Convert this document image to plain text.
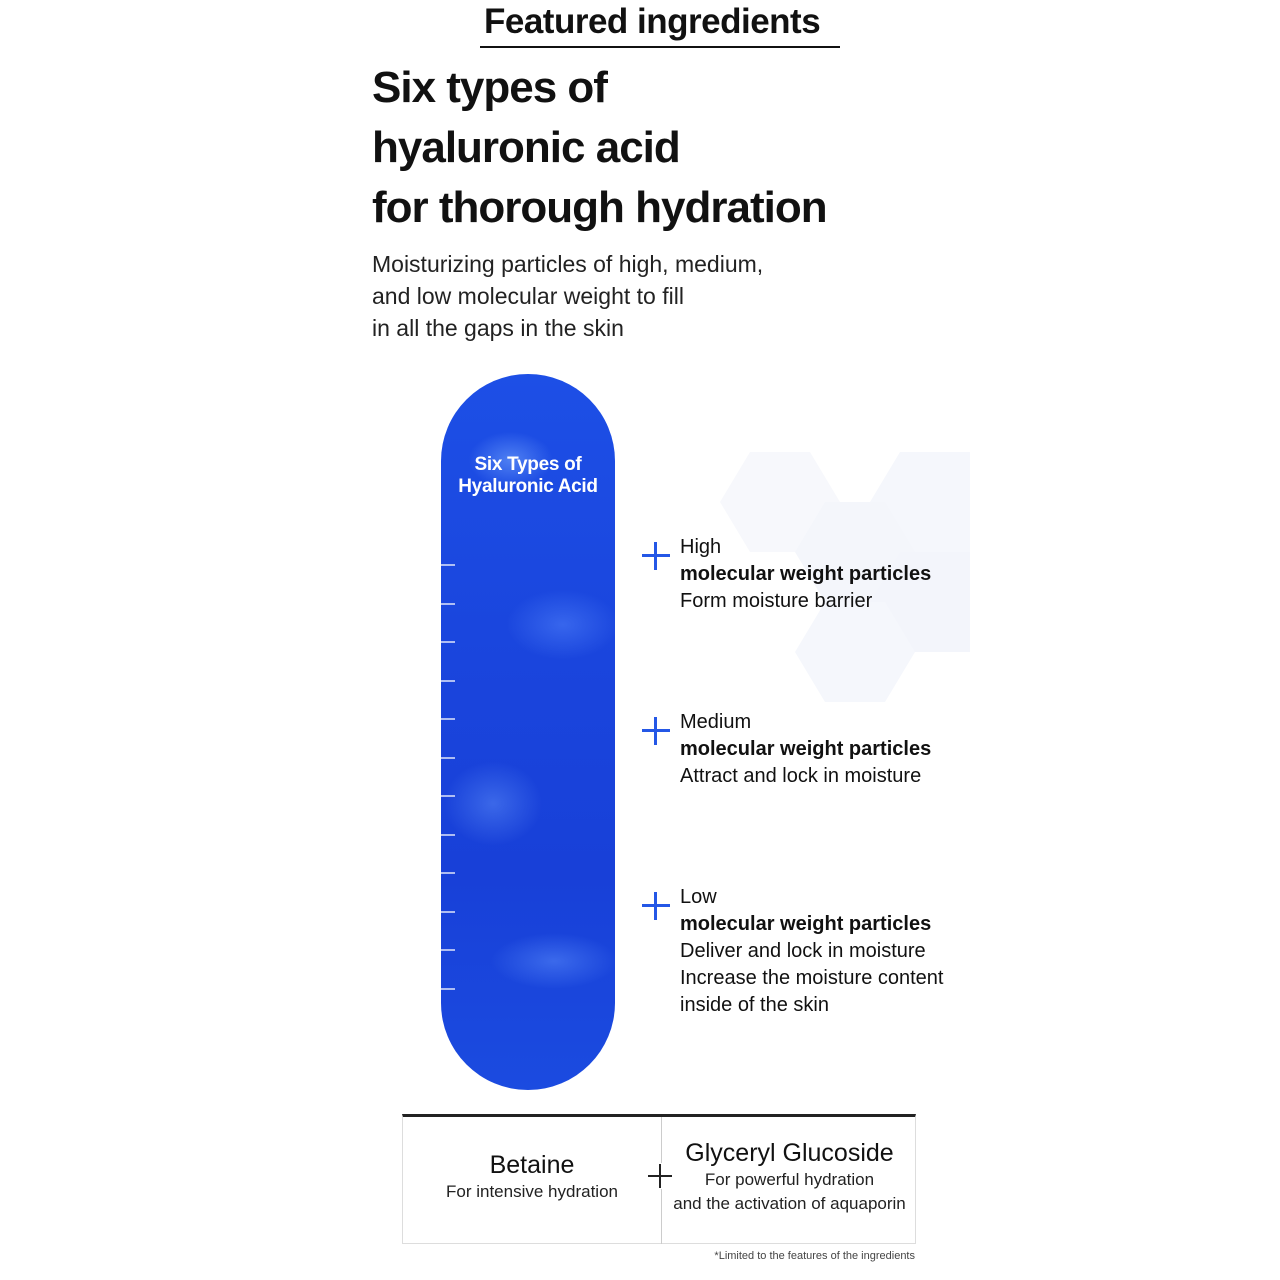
Featured ingredients
Six types of
hyaluronic acid
for thorough hydration
Moisturizing particles of high, medium,
and low molecular weight to fill
in all the gaps in the skin
Six Types of
Hyaluronic Acid
High
molecular weight particles
Form moisture barrier
Medium
molecular weight particles
Attract and lock in moisture
Low
molecular weight particles
Deliver and lock in moisture
Increase the moisture content
inside of the skin
Betaine
For intensive hydration
Glyceryl Glucoside
For powerful hydration
and the activation of aquaporin
*Limited to the features of the ingredients
